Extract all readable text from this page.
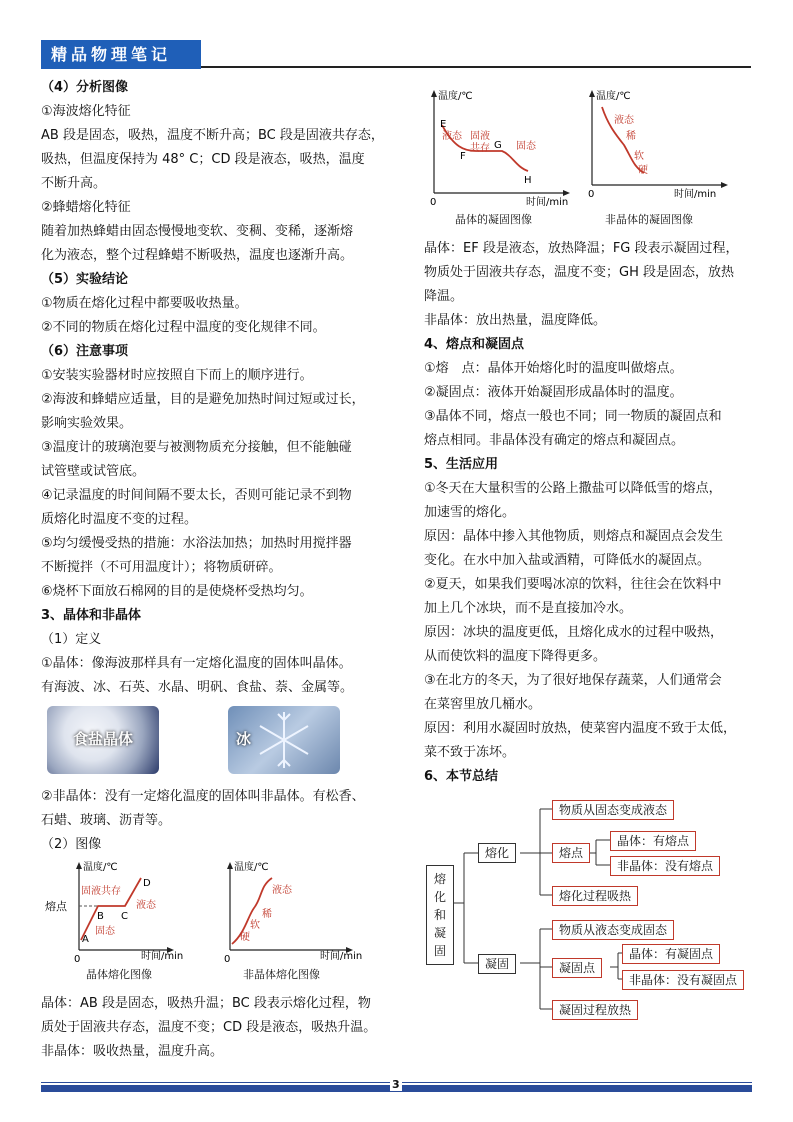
精品物理笔记

（4）分析图像

①海波熔化特征

AB 段是固态，吸热，温度不断升高；BC 段是固液共存态，

吸热，但温度保持为 48° C；CD 段是液态，吸热，温度

不断升高。

②蜂蜡熔化特征

随着加热蜂蜡由固态慢慢地变软、变稠、变稀，逐渐熔

化为液态，整个过程蜂蜡不断吸热，温度也逐渐升高。

（5）实验结论

①物质在熔化过程中都要吸收热量。

②不同的物质在熔化过程中温度的变化规律不同。

（6）注意事项

①安装实验器材时应按照自下而上的顺序进行。

②海波和蜂蜡应适量，目的是避免加热时间过短或过长，

影响实验效果。

③温度计的玻璃泡要与被测物质充分接触，但不能触碰

试管壁或试管底。

④记录温度的时间间隔不要太长，否则可能记录不到物

质熔化时温度不变的过程。

⑤均匀缓慢受热的措施：水浴法加热；加热时用搅拌器

不断搅拌（不可用温度计）；将物质研碎。

⑥烧杯下面放石棉网的目的是使烧杯受热均匀。

3、晶体和非晶体

（1）定义

①晶体：像海波那样具有一定熔化温度的固体叫晶体。

有海波、冰、石英、水晶、明矾、食盐、萘、金属等。

食盐晶体	冰

②非晶体：没有一定熔化温度的固体叫非晶体。有松香、

石蜡、玻璃、沥青等。

（2）图像

温度/℃
时间/min
熔点
0
A
B C
D
固态
固液共存
液态
晶体熔化图像
温度/℃
时间/min
0
液态
稀
软
硬
非晶体熔化图像

晶体：AB 段是固态，吸热升温；BC 段表示熔化过程，物

质处于固液共存态，温度不变；CD 段是液态，吸热升温。

非晶体：吸收热量，温度升高。

温度/℃
时间/min
0
E
F
G
H
液态 固液
共存	固态
晶体的凝固图像
温度/℃
时间/min
0
液态
稀
软
硬
非晶体的凝固图像

晶体：EF 段是液态，放热降温；FG 段表示凝固过程，

物质处于固液共存态，温度不变；GH 段是固态，放热

降温。

非晶体：放出热量，温度降低。

4、熔点和凝固点

①熔　点：晶体开始熔化时的温度叫做熔点。

②凝固点：液体开始凝固形成晶体时的温度。

③晶体不同，熔点一般也不同；同一物质的凝固点和

熔点相同。非晶体没有确定的熔点和凝固点。

5、生活应用

①冬天在大量积雪的公路上撒盐可以降低雪的熔点，

加速雪的熔化。

原因：晶体中掺入其他物质，则熔点和凝固点会发生

变化。在水中加入盐或酒精，可降低水的凝固点。

②夏天，如果我们要喝冰凉的饮料，往往会在饮料中

加上几个冰块，而不是直接加冷水。

原因：冰块的温度更低，且熔化成水的过程中吸热，

从而使饮料的温度下降得更多。

③在北方的冬天，为了很好地保存蔬菜，人们通常会

在菜窖里放几桶水。

原因：利用水凝固时放热，使菜窖内温度不致于太低，

菜不致于冻坏。

6、本节总结

熔化和凝固
熔化
物质从固态变成液态
熔点
晶体：有熔点
非晶体：没有熔点
熔化过程吸热
凝固
物质从液态变成固态
凝固点
晶体：有凝固点
非晶体：没有凝固点
凝固过程放热
3
